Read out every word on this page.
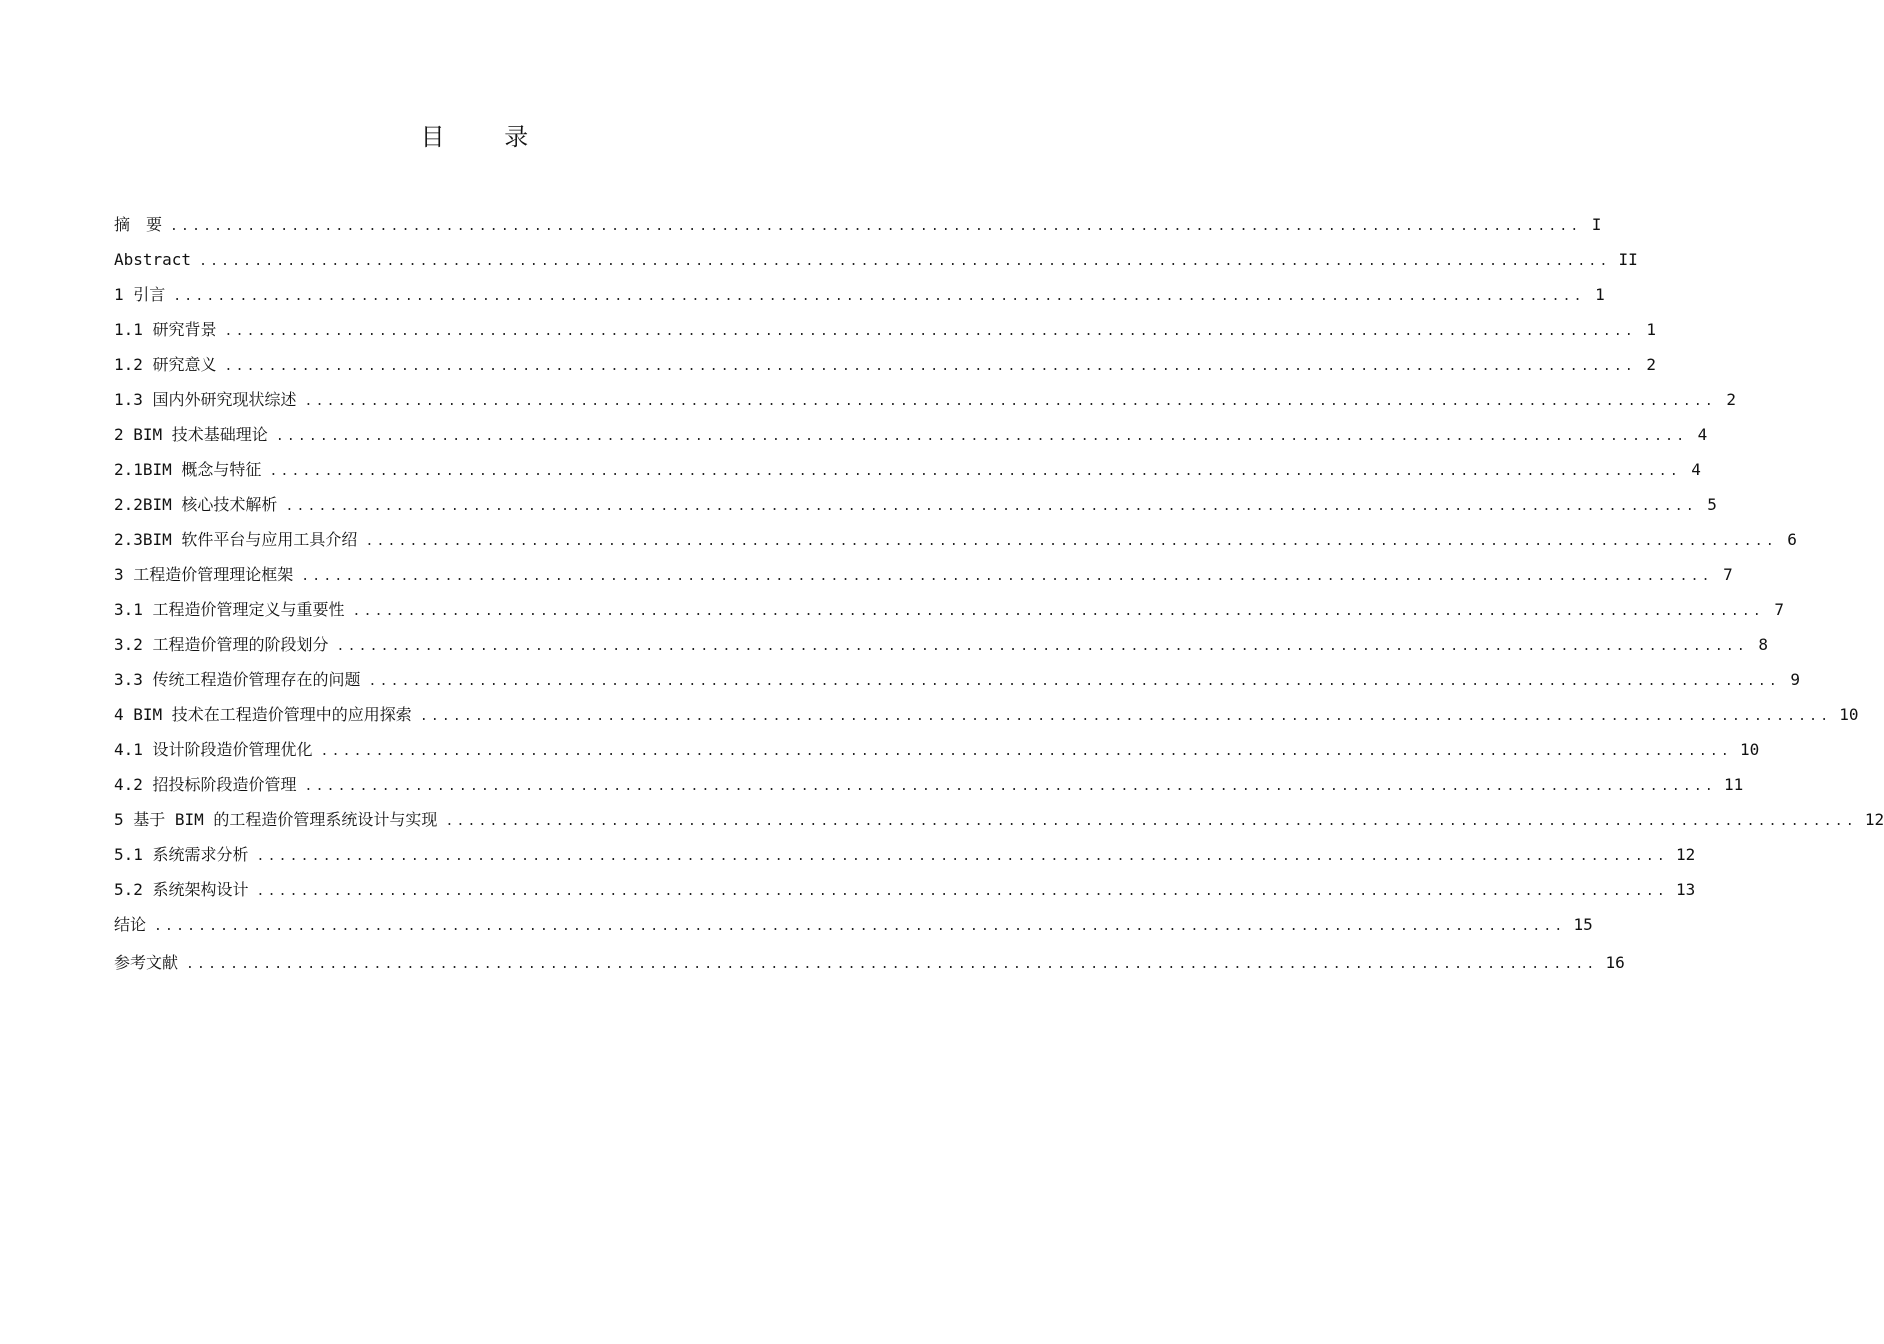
目 录
摘　要 ................................................................................................................................ I
Abstract ................................................................................................................................ II
1 引言 ................................................................................................................................ 1
1.1 研究背景 ................................................................................................................................ 1
1.2 研究意义 ................................................................................................................................ 2
1.3 国内外研究现状综述 ................................................................................................................................ 2
2 BIM 技术基础理论 ................................................................................................................................ 4
2.1BIM 概念与特征 ................................................................................................................................ 4
2.2BIM 核心技术解析 ................................................................................................................................ 5
2.3BIM 软件平台与应用工具介绍 ................................................................................................................................ 6
3 工程造价管理理论框架 ................................................................................................................................ 7
3.1 工程造价管理定义与重要性 ................................................................................................................................ 7
3.2 工程造价管理的阶段划分 ................................................................................................................................ 8
3.3 传统工程造价管理存在的问题 ................................................................................................................................ 9
4 BIM 技术在工程造价管理中的应用探索 ................................................................................................................................ 10
4.1 设计阶段造价管理优化 ................................................................................................................................ 10
4.2 招投标阶段造价管理 ................................................................................................................................ 11
5 基于 BIM 的工程造价管理系统设计与实现 ................................................................................................................................ 12
5.1 系统需求分析 ................................................................................................................................ 12
5.2 系统架构设计 ................................................................................................................................ 13
结论 ................................................................................................................................ 15
参考文献 ................................................................................................................................ 16
